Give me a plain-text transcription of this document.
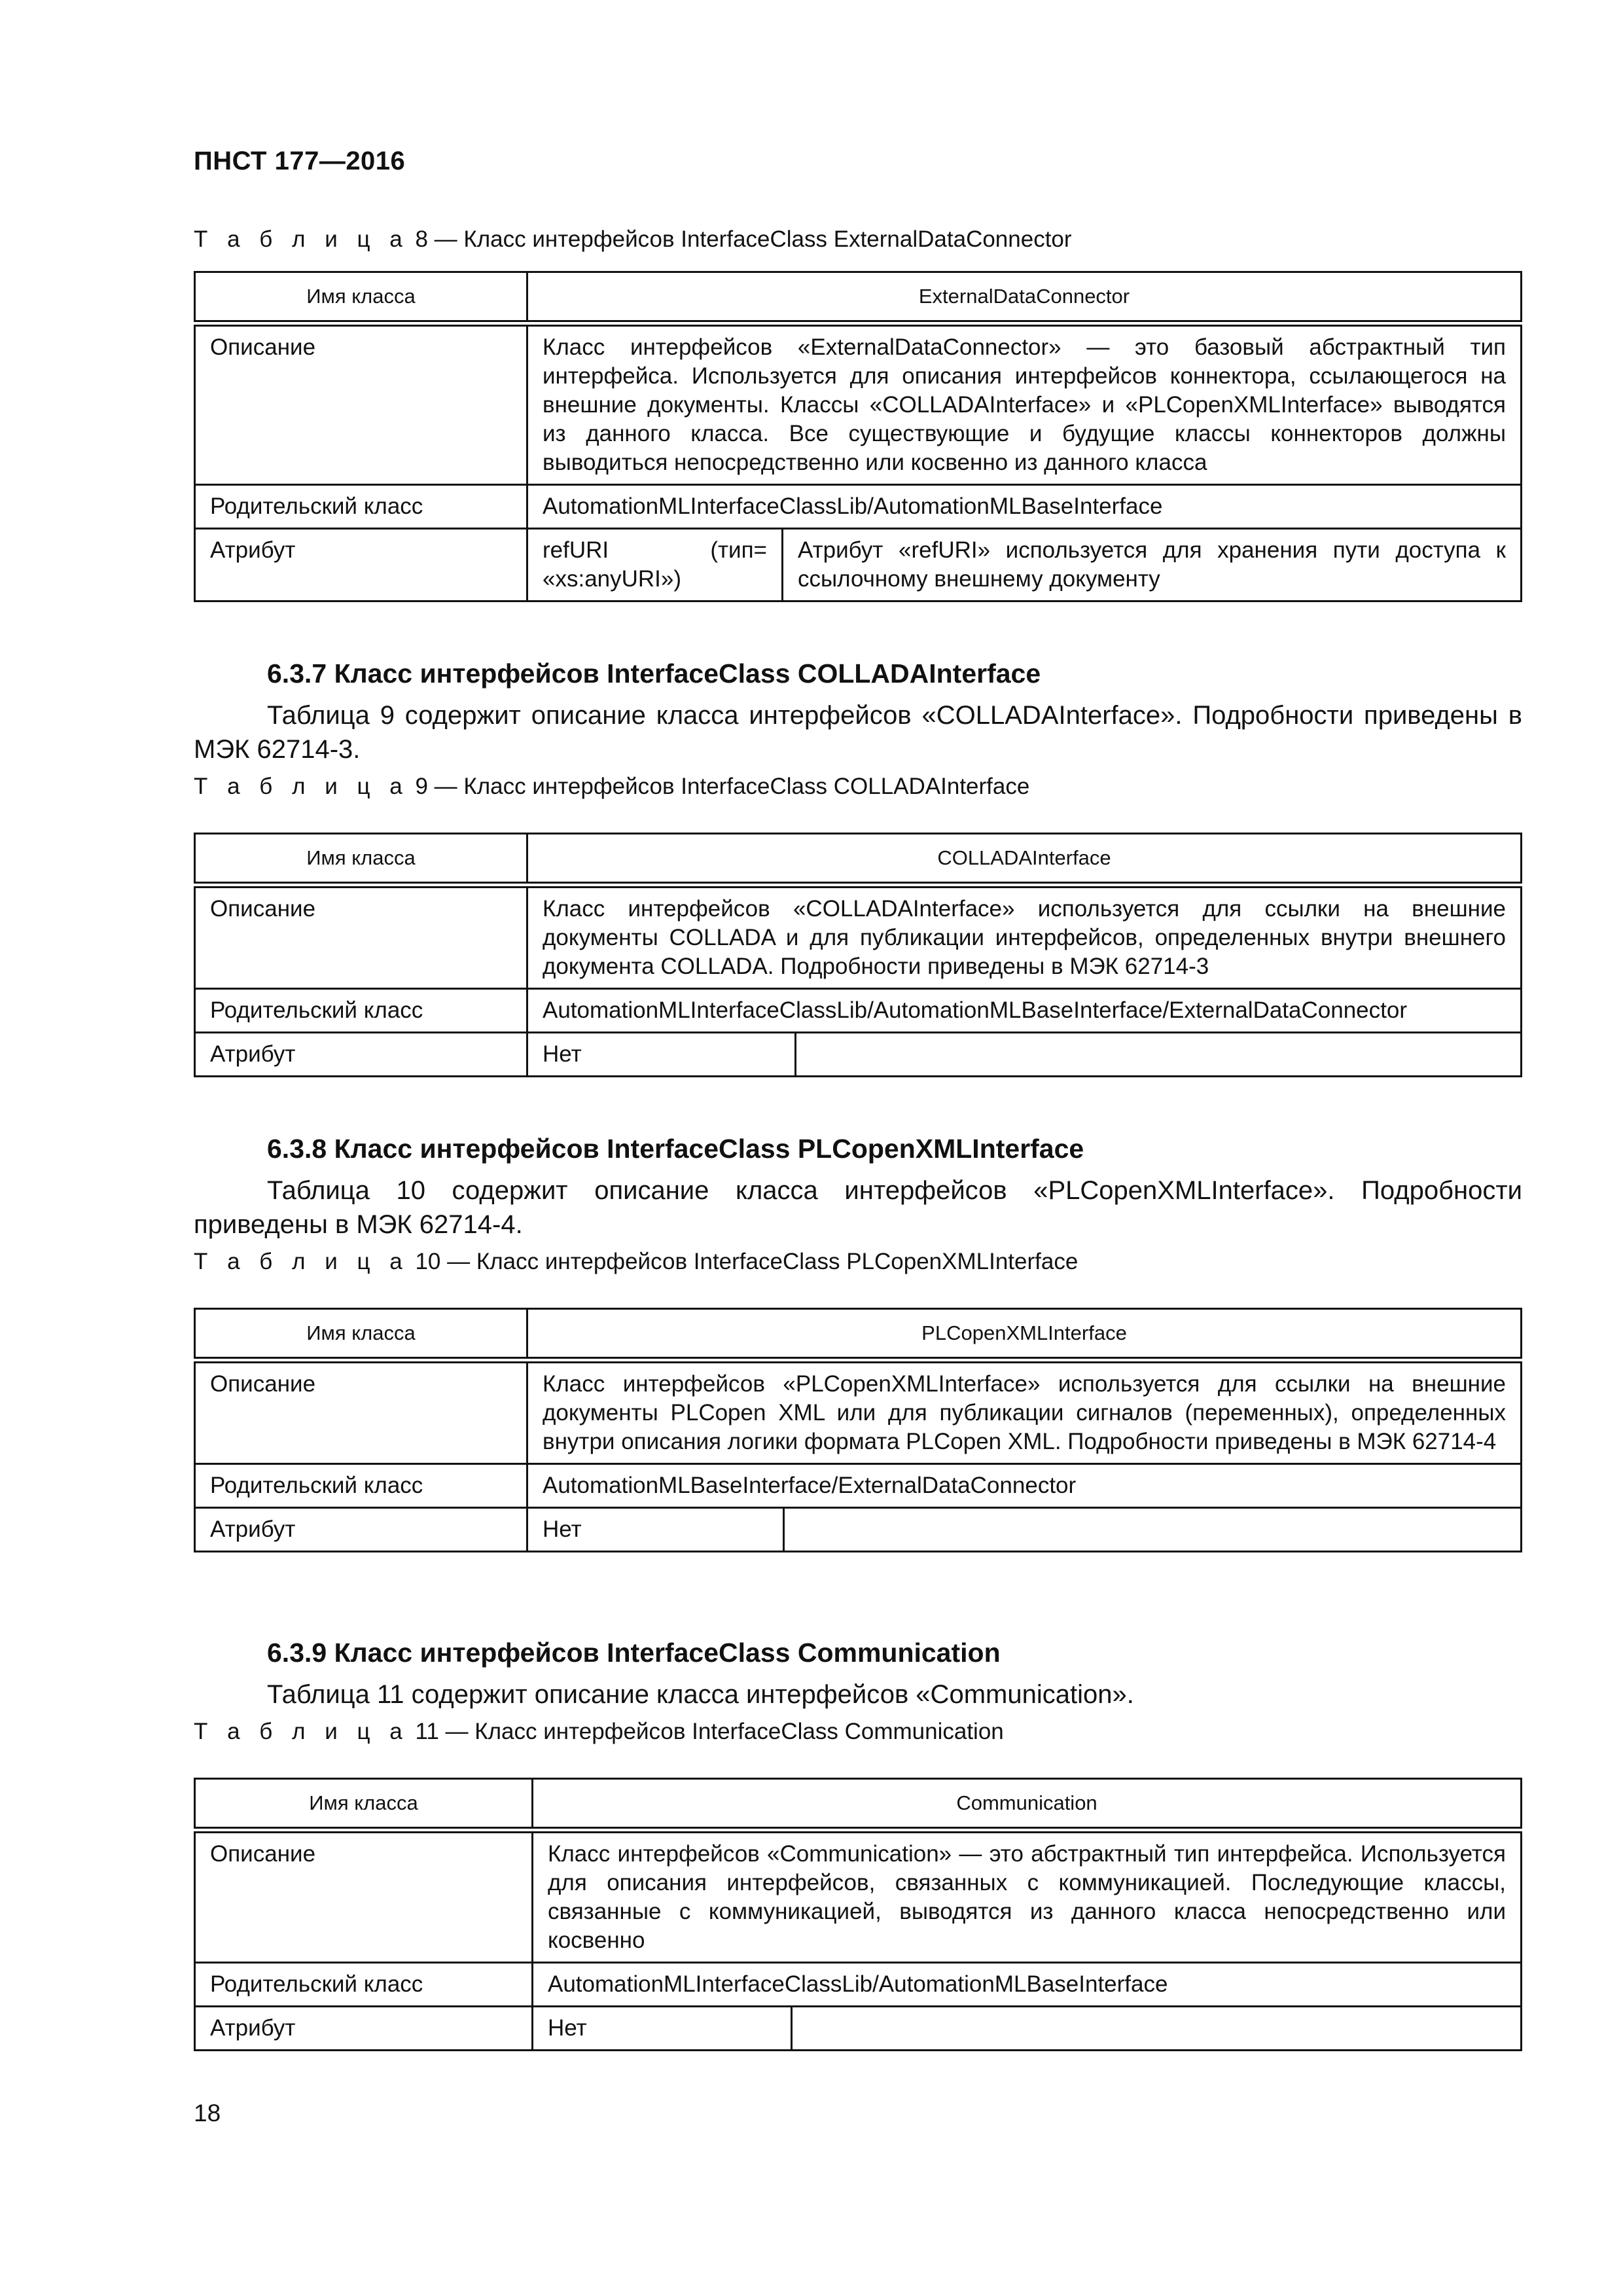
ПНСТ 177—2016
Т а б л и ц а 8 — Класс интерфейсов InterfaceClass ExternalDataConnector
Имя класса	ExternalDataConnector	
Описание	Класс интерфейсов «ExternalDataConnector» — это базовый абстрактный тип интерфейса. Используется для описания интерфейсов коннектора, ссылающегося на внешние документы. Классы «COLLADAInterface» и «PLCopenXMLInterface» выводятся из данного класса. Все существующие и будущие классы коннекторов должны выводиться непосредственно или косвенно из данного класса	
Родительский класс	AutomationMLInterfaceClassLib/AutomationMLBaseInterface	
Атрибут	refURI (тип= «xs:anyURI»)	Атрибут «refURI» используется для хранения пути доступа к ссылочному внешнему документу
6.3.7 Класс интерфейсов InterfaceClass COLLADAInterface
Таблица 9 содержит описание класса интерфейсов «COLLADAInterface». Подробности приведены в МЭК 62714-3.
Т а б л и ц а 9 — Класс интерфейсов InterfaceClass COLLADAInterface
Имя класса	COLLADAInterface	
Описание	Класс интерфейсов «COLLADAInterface» используется для ссылки на внешние документы COLLADA и для публикации интерфейсов, определенных внутри внешнего документа COLLADA. Подробности приведены в МЭК 62714-3	
Родительский класс	AutomationMLInterfaceClassLib/AutomationMLBaseInterface/ExternalDataConnector	
Атрибут	Нет	
6.3.8 Класс интерфейсов InterfaceClass PLCopenXMLInterface
Таблица 10 содержит описание класса интерфейсов «PLCopenXMLInterface». Подробности приведены в МЭК 62714-4.
Т а б л и ц а 10 — Класс интерфейсов InterfaceClass PLCopenXMLInterface
Имя класса	PLCopenXMLInterface	
Описание	Класс интерфейсов «PLCopenXMLInterface» используется для ссылки на внешние документы PLCopen XML или для публикации сигналов (переменных), определенных внутри описания логики формата PLCopen XML. Подробности приведены в МЭК 62714-4	
Родительский класс	AutomationMLBaseInterface/ExternalDataConnector	
Атрибут	Нет	
6.3.9 Класс интерфейсов InterfaceClass Communication
Таблица 11 содержит описание класса интерфейсов «Communication».
Т а б л и ц а 11 — Класс интерфейсов InterfaceClass Communication
Имя класса	Communication	
Описание	Класс интерфейсов «Communication» — это абстрактный тип интерфейса. Используется для описания интерфейсов, связанных с коммуникацией. Последующие классы, связанные с коммуникацией, выводятся из данного класса непосредственно или косвенно	
Родительский класс	AutomationMLInterfaceClassLib/AutomationMLBaseInterface	
Атрибут	Нет	
18
